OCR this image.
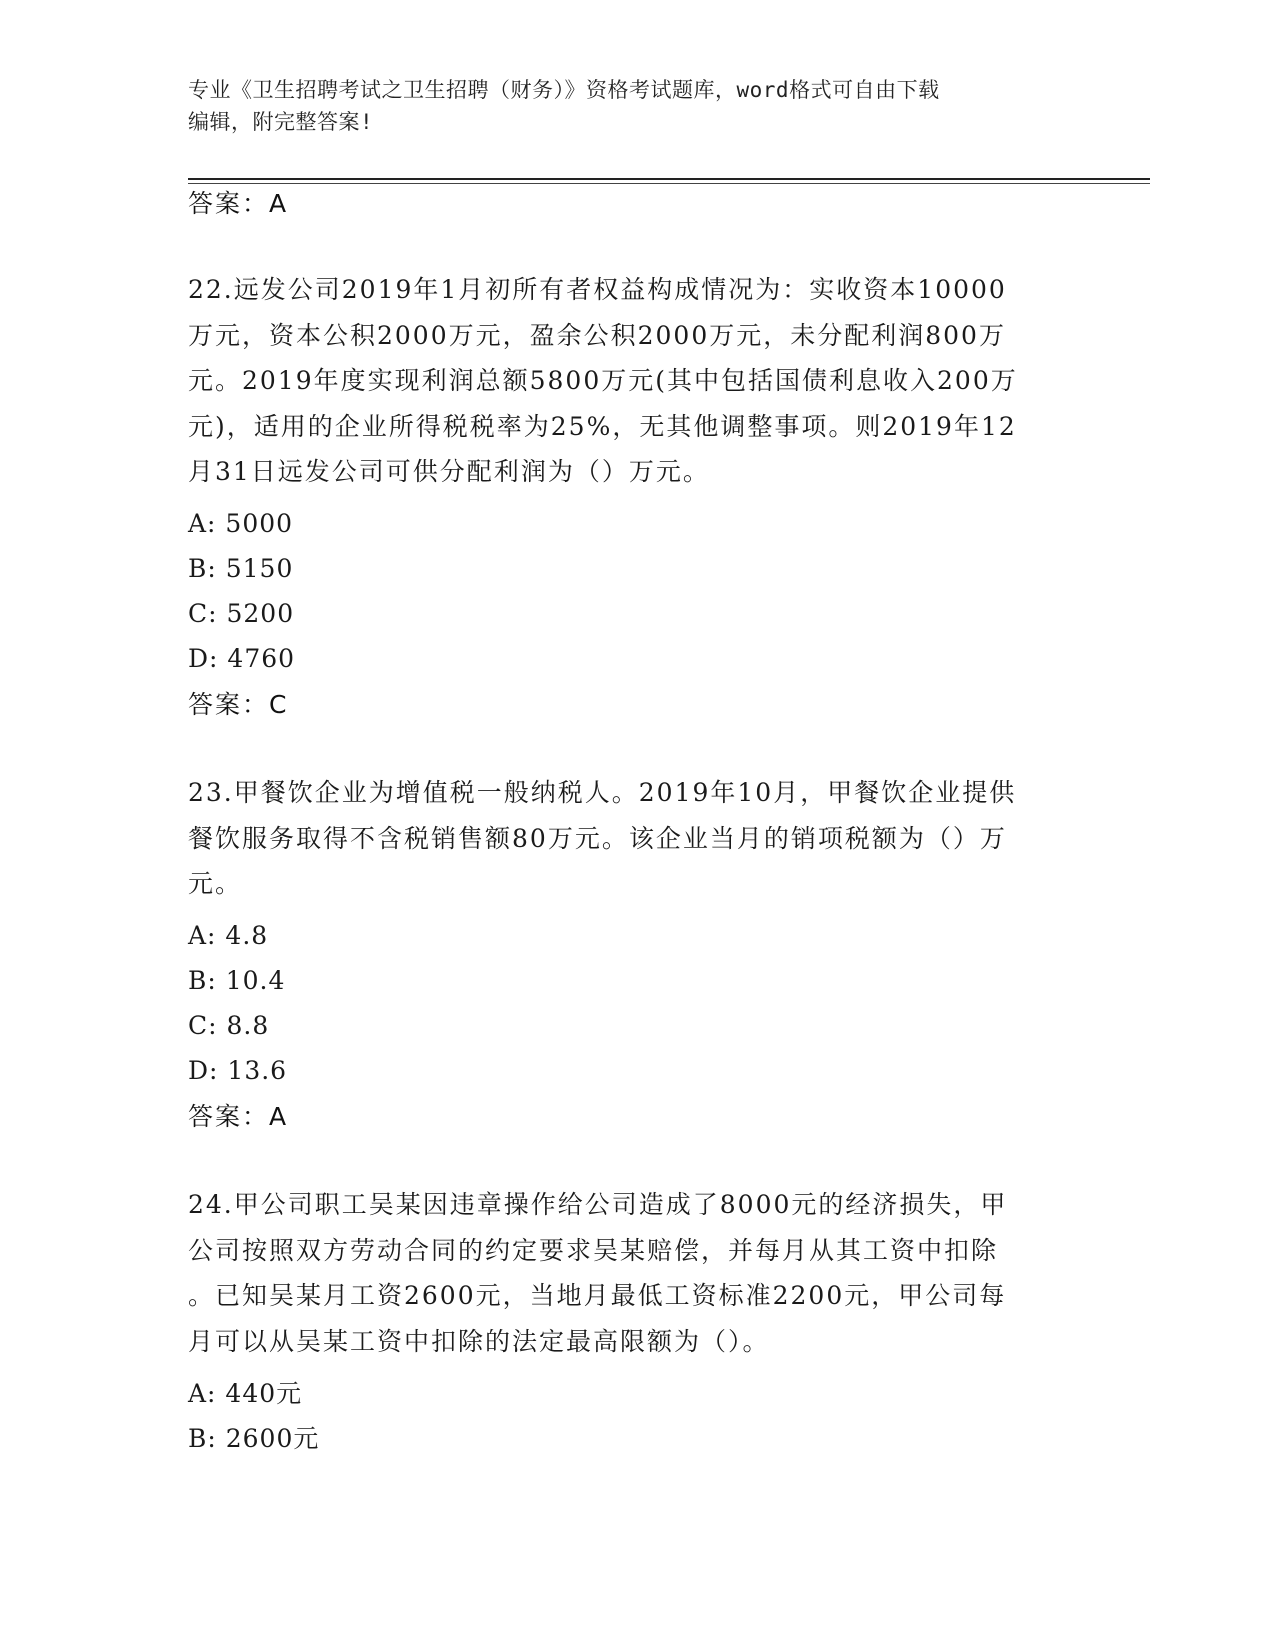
专业《卫生招聘考试之卫生招聘（财务）》资格考试题库，word格式可自由下载
编辑，附完整答案!
答案：A
22.远发公司2019年1月初所有者权益构成情况为：实收资本10000
万元，资本公积2000万元，盈余公积2000万元，未分配利润800万
元。2019年度实现利润总额5800万元(其中包括国债利息收入200万
元)，适用的企业所得税税率为25%，无其他调整事项。则2019年12
月31日远发公司可供分配利润为（）万元。
A: 5000
B: 5150
C: 5200
D: 4760
答案：C
23.甲餐饮企业为增值税一般纳税人。2019年10月，甲餐饮企业提供
餐饮服务取得不含税销售额80万元。该企业当月的销项税额为（）万
元。
A: 4.8
B: 10.4
C: 8.8
D: 13.6
答案：A
24.甲公司职工吴某因违章操作给公司造成了8000元的经济损失，甲
公司按照双方劳动合同的约定要求吴某赔偿，并每月从其工资中扣除
。已知吴某月工资2600元，当地月最低工资标准2200元，甲公司每
月可以从吴某工资中扣除的法定最高限额为（）。
A: 440元
B: 2600元
